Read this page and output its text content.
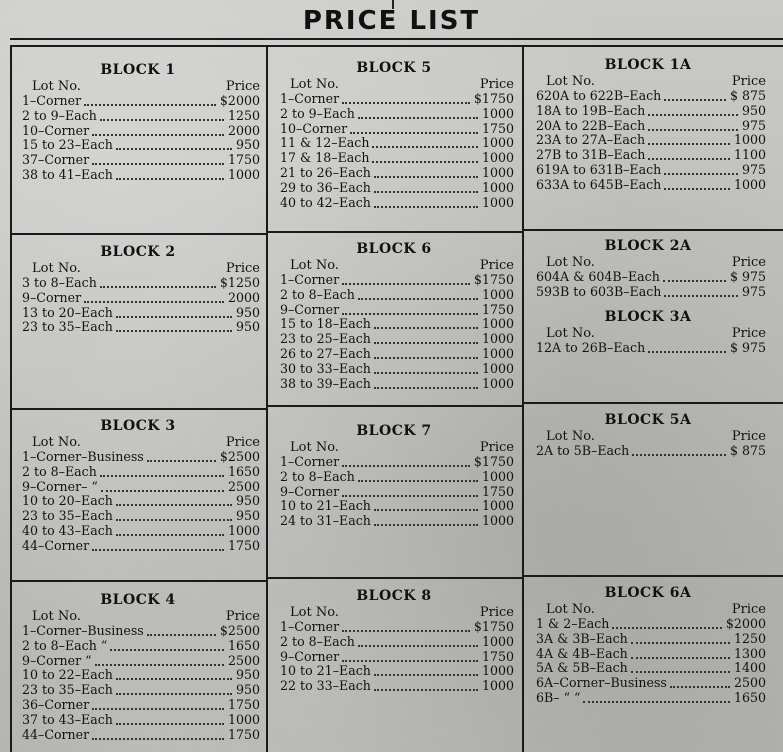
PRICE LIST
BLOCK 1
Lot No.	Price
1–Corner	$2000
2 to 9–Each	1250
10–Corner	2000
15 to 23–Each	950
37–Corner	1750
38 to 41–Each	1000
BLOCK 5
Lot No.	Price
1–Corner	$1750
2 to 9–Each	1000
10–Corner	1750
11 & 12–Each	1000
17 & 18–Each	1000
21 to 26–Each	1000
29 to 36–Each	1000
40 to 42–Each	1000
BLOCK 1A
Lot No.	Price
620A to 622B–Each	$ 875
18A to 19B–Each	950
20A to 22B–Each	975
23A to 27A–Each	1000
27B to 31B–Each	1100
619A to 631B–Each	975
633A to 645B–Each	1000
BLOCK 2
Lot No.	Price
3 to 8–Each	$1250
9–Corner	2000
13 to 20–Each	950
23 to 35–Each	950
BLOCK 6
Lot No.	Price
1–Corner	$1750
2 to 8–Each	1000
9–Corner	1750
15 to 18–Each	1000
23 to 25–Each	1000
26 to 27–Each	1000
30 to 33–Each	1000
38 to 39–Each	1000
BLOCK 2A
Lot No.	Price
604A & 604B–Each	$ 975
593B to 603B–Each	975
BLOCK 3A
Lot No.	Price
12A to 26B–Each	$ 975
BLOCK 3
Lot No.	Price
1–Corner–Business	$2500
2 to 8–Each	1650
9–Corner– “	2500
10 to 20–Each	950
23 to 35–Each	950
40 to 43–Each	1000
44–Corner	1750
BLOCK 7
Lot No.	Price
1–Corner	$1750
2 to 8–Each	1000
9–Corner	1750
10 to 21–Each	1000
24 to 31–Each	1000
BLOCK 5A
Lot No.	Price
2A to 5B–Each	$ 875
BLOCK 4
Lot No.	Price
1–Corner–Business	$2500
2 to 8–Each “	1650
9–Corner “	2500
10 to 22–Each	950
23 to 35–Each	950
36–Corner	1750
37 to 43–Each	1000
44–Corner	1750
BLOCK 8
Lot No.	Price
1–Corner	$1750
2 to 8–Each	1000
9–Corner	1750
10 to 21–Each	1000
22 to 33–Each	1000
BLOCK 6A
Lot No.	Price
1 & 2–Each	$2000
3A & 3B–Each	1250
4A & 4B–Each	1300
5A & 5B–Each	1400
6A–Corner–Business	2500
6B– “ “	1650
